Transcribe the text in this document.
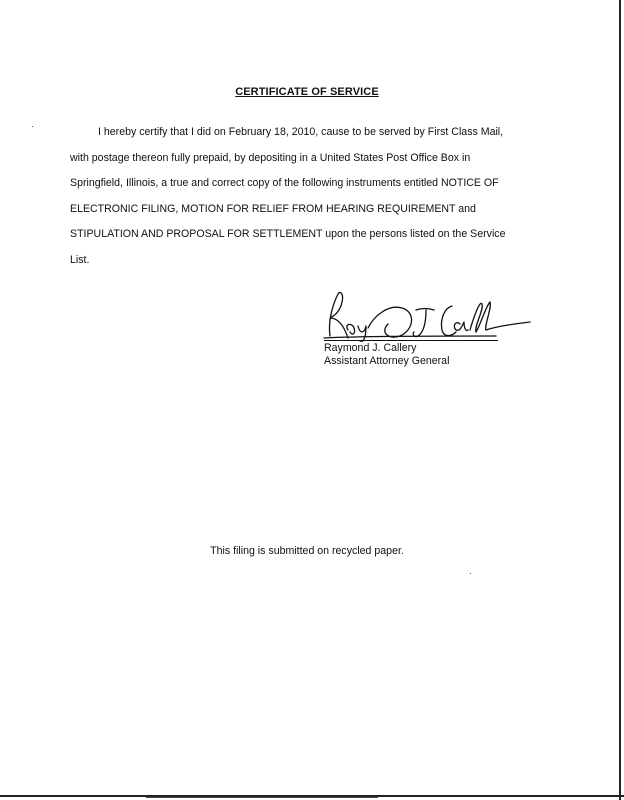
CERTIFICATE OF SERVICE
I hereby certify that I did on February 18, 2010, cause to be served by First Class Mail,
with postage thereon fully prepaid, by depositing in a United States Post Office Box in
Springfield, Illinois, a true and correct copy of the following instruments entitled NOTICE OF
ELECTRONIC FILING, MOTION FOR RELIEF FROM HEARING REQUIREMENT and
STIPULATION AND PROPOSAL FOR SETTLEMENT upon the persons listed on the Service
List.
Raymond J. Callery
Assistant Attorney General
This filing is submitted on recycled paper.
